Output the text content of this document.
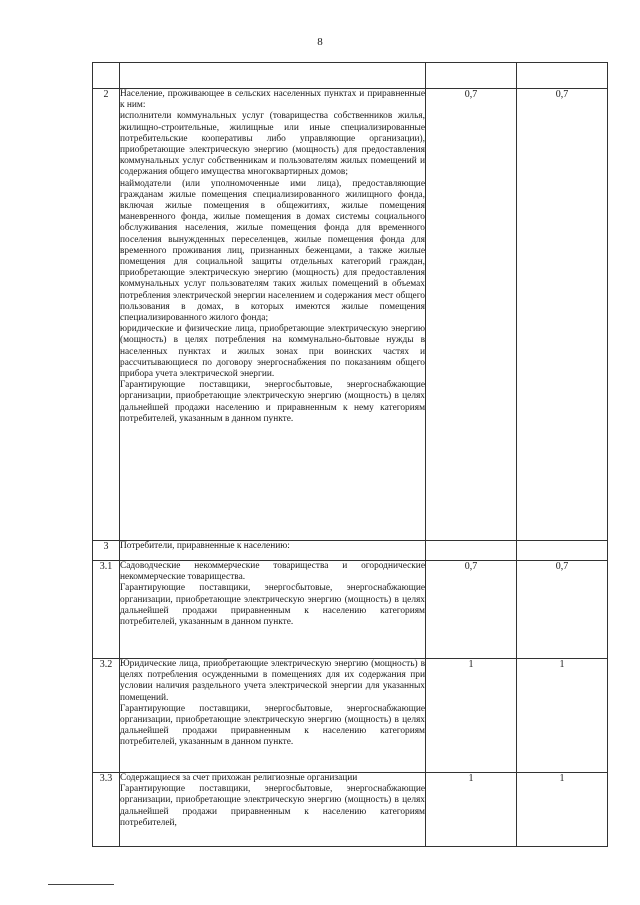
8

2	Население, проживающее в сельских населенных пунктах и приравненные к ним:
исполнители коммунальных услуг (товарищества собственников жилья, жилищно-строительные, жилищные или иные специализированные потребительские кооперативы либо управляющие организации), приобретающие электрическую энергию (мощность) для предоставления коммунальных услуг собственникам и пользователям жилых помещений и содержания общего имущества многоквартирных домов;
наймодатели (или уполномоченные ими лица), предоставляющие гражданам жилые помещения специализированного жилищного фонда, включая жилые помещения в общежитиях, жилые помещения маневренного фонда, жилые помещения в домах системы социального обслуживания населения, жилые помещения фонда для временного поселения вынужденных переселенцев, жилые помещения фонда для временного проживания лиц, признанных беженцами, а также жилые помещения для социальной защиты отдельных категорий граждан, приобретающие электрическую энергию (мощность) для предоставления коммунальных услуг пользователям таких жилых помещений в объемах потребления электрической энергии населением и содержания мест общего пользования в домах, в которых имеются жилые помещения специализированного жилого фонда;
юридические и физические лица, приобретающие электрическую энергию (мощность) в целях потребления на коммунально-бытовые нужды в населенных пунктах и жилых зонах при воинских частях и рассчитывающиеся по договору энергоснабжения по показаниям общего прибора учета электрической энергии.
Гарантирующие поставщики, энергосбытовые, энергоснабжающие организации, приобретающие электрическую энергию (мощность) в целях дальнейшей продажи населению и приравненным к нему категориям потребителей, указанным в данном пункте.	0,7	0,7
3	Потребители, приравненные к населению:		

3.1	Садоводческие некоммерческие товарищества и огороднические некоммерческие товарищества.
Гарантирующие поставщики, энергосбытовые, энергоснабжающие организации, приобретающие электрическую энергию (мощность) в целях дальнейшей продажи приравненным к населению категориям потребителей, указанным в данном пункте.	0,7	0,7
3.2	Юридические лица, приобретающие электрическую энергию (мощность) в целях потребления осужденными в помещениях для их содержания при условии наличия раздельного учета электрической энергии для указанных помещений.
Гарантирующие поставщики, энергосбытовые, энергоснабжающие организации, приобретающие электрическую энергию (мощность) в целях дальнейшей продажи приравненным к населению категориям потребителей, указанным в данном пункте.	1	1
3.3	Содержащиеся за счет прихожан религиозные организации
Гарантирующие поставщики, энергосбытовые, энергоснабжающие организации, приобретающие электрическую энергию (мощность) в целях дальнейшей продажи приравненным к населению категориям потребителей,	1	1
